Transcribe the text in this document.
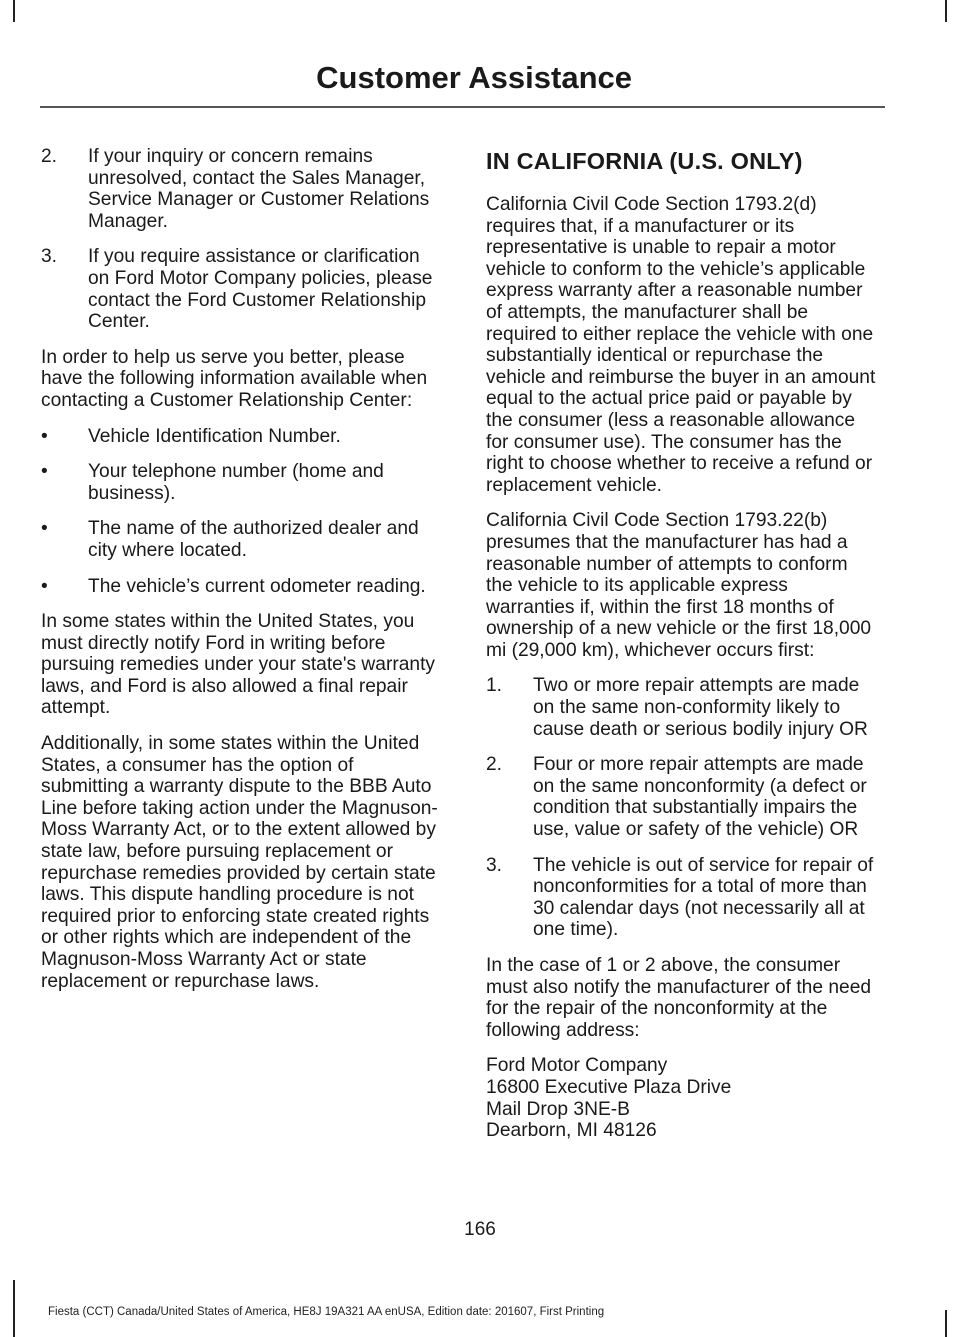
Customer Assistance
2. If your inquiry or concern remains unresolved, contact the Sales Manager, Service Manager or Customer Relations Manager.
3. If you require assistance or clarification on Ford Motor Company policies, please contact the Ford Customer Relationship Center.

In order to help us serve you better, please have the following information available when contacting a Customer Relationship Center:

• Vehicle Identification Number.
• Your telephone number (home and business).
• The name of the authorized dealer and city where located.
• The vehicle’s current odometer reading.

In some states within the United States, you must directly notify Ford in writing before pursuing remedies under your state's warranty laws, and Ford is also allowed a final repair attempt.

Additionally, in some states within the United States, a consumer has the option of submitting a warranty dispute to the BBB Auto Line before taking action under the Magnuson-Moss Warranty Act, or to the extent allowed by state law, before pursuing replacement or repurchase remedies provided by certain state laws. This dispute handling procedure is not required prior to enforcing state created rights or other rights which are independent of the Magnuson-Moss Warranty Act or state replacement or repurchase laws.

IN CALIFORNIA (U.S. ONLY)

California Civil Code Section 1793.2(d) requires that, if a manufacturer or its representative is unable to repair a motor vehicle to conform to the vehicle’s applicable express warranty after a reasonable number of attempts, the manufacturer shall be required to either replace the vehicle with one substantially identical or repurchase the vehicle and reimburse the buyer in an amount equal to the actual price paid or payable by the consumer (less a reasonable allowance for consumer use). The consumer has the right to choose whether to receive a refund or replacement vehicle.

California Civil Code Section 1793.22(b) presumes that the manufacturer has had a reasonable number of attempts to conform the vehicle to its applicable express warranties if, within the first 18 months of ownership of a new vehicle or the first 18,000 mi (29,000 km), whichever occurs first:

1. Two or more repair attempts are made on the same non-conformity likely to cause death or serious bodily injury OR
2. Four or more repair attempts are made on the same nonconformity (a defect or condition that substantially impairs the use, value or safety of the vehicle) OR
3. The vehicle is out of service for repair of nonconformities for a total of more than 30 calendar days (not necessarily all at one time).

In the case of 1 or 2 above, the consumer must also notify the manufacturer of the need for the repair of the nonconformity at the following address:

Ford Motor Company
16800 Executive Plaza Drive
Mail Drop 3NE-B
Dearborn, MI 48126
166
Fiesta (CCT) Canada/United States of America, HE8J 19A321 AA enUSA, Edition date: 201607, First Printing
